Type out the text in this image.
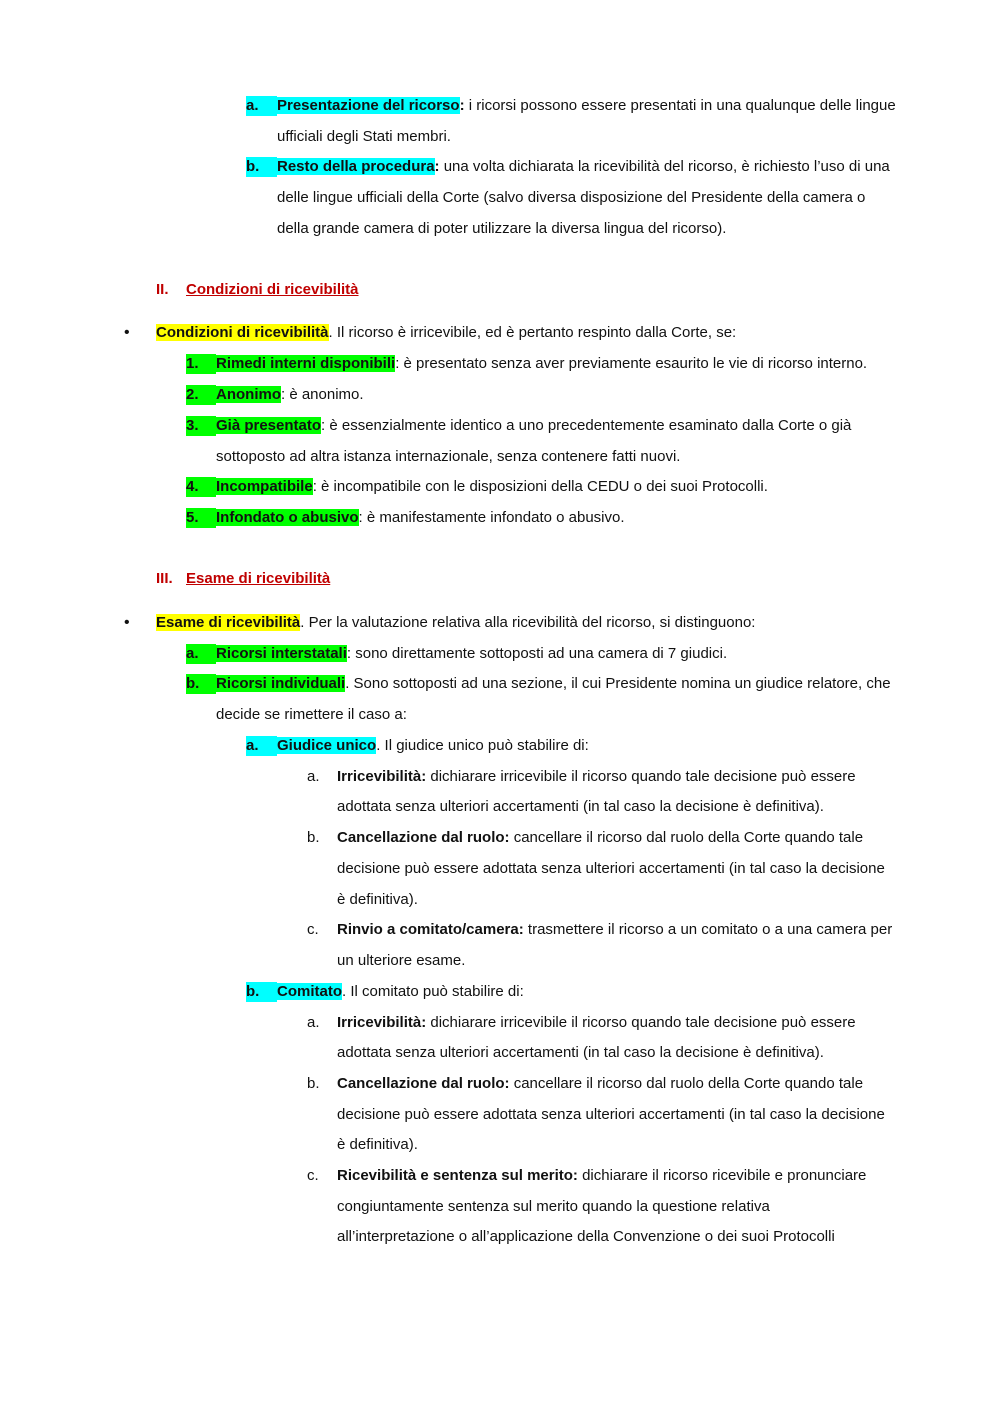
a.	Presentazione del ricorso: i ricorsi possono essere presentati in una qualunque delle lingue
ufficiali degli Stati membri.
b.	Resto della procedura: una volta dichiarata la ricevibilità del ricorso, è richiesto l’uso di una
delle lingue ufficiali della Corte (salvo diversa disposizione del Presidente della camera o
della grande camera di poter utilizzare la diversa lingua del ricorso).
II. Condizioni di ricevibilità
• Condizioni di ricevibilità. Il ricorso è irricevibile, ed è pertanto respinto dalla Corte, se:
1.	Rimedi interni disponibili: è presentato senza aver previamente esaurito le vie di ricorso interno.
2.	Anonimo: è anonimo.
3.	Già presentato: è essenzialmente identico a uno precedentemente esaminato dalla Corte o già
sottoposto ad altra istanza internazionale, senza contenere fatti nuovi.
4.	Incompatibile: è incompatibile con le disposizioni della CEDU o dei suoi Protocolli.
5.	Infondato o abusivo: è manifestamente infondato o abusivo.
III. Esame di ricevibilità
• Esame di ricevibilità. Per la valutazione relativa alla ricevibilità del ricorso, si distinguono:
a.	Ricorsi interstatali: sono direttamente sottoposti ad una camera di 7 giudici.
b.	Ricorsi individuali. Sono sottoposti ad una sezione, il cui Presidente nomina un giudice relatore, che
decide se rimettere il caso a:
a.	Giudice unico. Il giudice unico può stabilire di:
a. Irricevibilità: dichiarare irricevibile il ricorso quando tale decisione può essere
adottata senza ulteriori accertamenti (in tal caso la decisione è definitiva).
b. Cancellazione dal ruolo: cancellare il ricorso dal ruolo della Corte quando tale
decisione può essere adottata senza ulteriori accertamenti (in tal caso la decisione
è definitiva).
c. Rinvio a comitato/camera: trasmettere il ricorso a un comitato o a una camera per
un ulteriore esame.
b.	Comitato. Il comitato può stabilire di:
a. Irricevibilità: dichiarare irricevibile il ricorso quando tale decisione può essere
adottata senza ulteriori accertamenti (in tal caso la decisione è definitiva).
b. Cancellazione dal ruolo: cancellare il ricorso dal ruolo della Corte quando tale
decisione può essere adottata senza ulteriori accertamenti (in tal caso la decisione
è definitiva).
c. Ricevibilità e sentenza sul merito: dichiarare il ricorso ricevibile e pronunciare
congiuntamente sentenza sul merito quando la questione relativa
all’interpretazione o all’applicazione della Convenzione o dei suoi Protocolli
